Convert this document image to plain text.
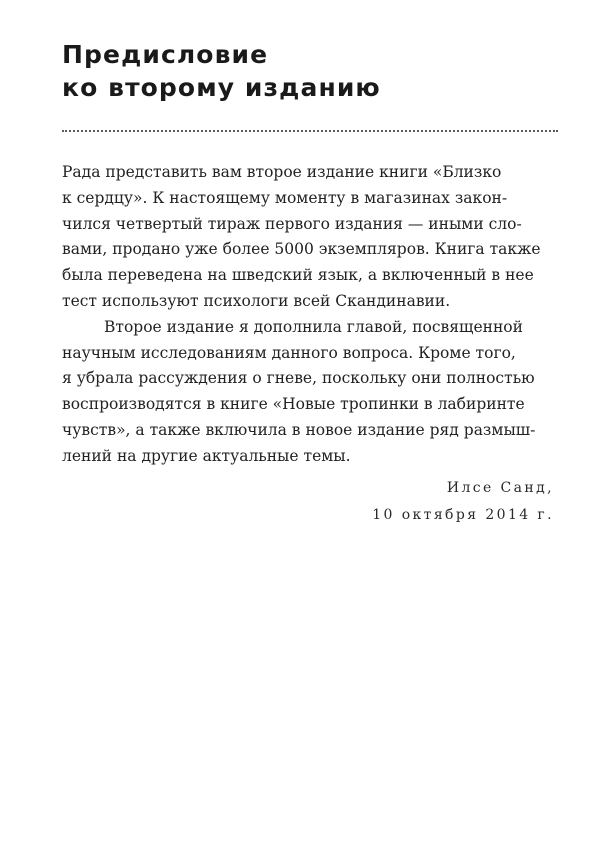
Предисловие
ко второму изданию

Рада представить вам второе издание книги «Близко
к сердцу». К настоящему моменту в магазинах закон-
чился четвертый тираж первого издания — иными сло-
вами, продано уже более 5000 экземпляров. Книга также
была переведена на шведский язык, а включенный в нее
тест используют психологи всей Скандинавии.

Второе издание я дополнила главой, посвященной
научным исследованиям данного вопроса. Кроме того,
я убрала рассуждения о гневе, поскольку они полностью
воспроизводятся в книге «Новые тропинки в лабиринте
чувств», а также включила в новое издание ряд размыш-
лений на другие актуальные темы.

Илсе Санд,
10 октября 2014 г.
